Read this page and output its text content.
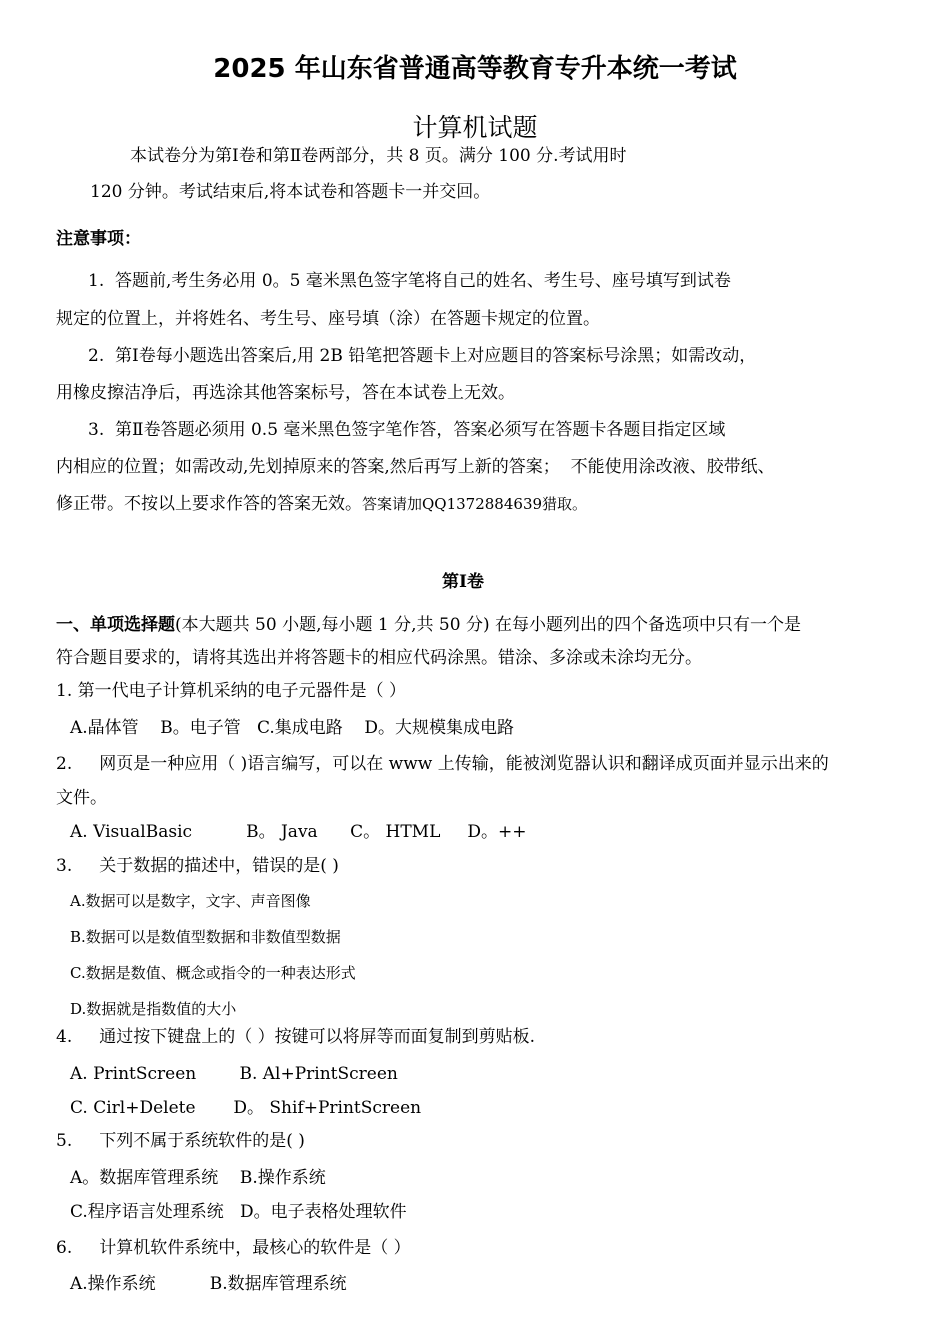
2025 年山东省普通高等教育专升本统一考试
计算机试题
本试卷分为第Ⅰ卷和第Ⅱ卷两部分，共 8 页。满分 100 分.考试用时
120 分钟。考试结束后,将本试卷和答题卡一并交回。
注意事项：
1.  答题前,考生务必用 0。5 毫米黑色签字笔将自己的姓名、考生号、座号填写到试卷
规定的位置上，并将姓名、考生号、座号填（涂）在答题卡规定的位置。
2.  第Ⅰ卷每小题选出答案后,用 2B 铅笔把答题卡上对应题目的答案标号涂黑；如需改动，
用橡皮擦洁净后，再选涂其他答案标号，答在本试卷上无效。
3.  第Ⅱ卷答题必须用 0.5 毫米黑色签字笔作答，答案必须写在答题卡各题目指定区域
内相应的位置；如需改动,先划掉原来的答案,然后再写上新的答案；  不能使用涂改液、胶带纸、
修正带。不按以上要求作答的答案无效。答案请加QQ1372884639猎取。
第Ⅰ卷
一、单项选择题(本大题共 50 小题,每小题 1 分,共 50 分) 在每小题列出的四个备选项中只有一个是
符合题目要求的，请将其选出并将答题卡的相应代码涂黑。错涂、多涂或未涂均无分。
1. 第一代电子计算机采纳的电子元器件是（ ）
A.晶体管    B。电子管   C.集成电路    D。大规模集成电路
2.     网页是一种应用（ )语言编写，可以在 www 上传输，能被浏览器认识和翻译成页面并显示出来的
文件。
A. VisualBasic          B。 Java      C。 HTML     D。++
3.     关于数据的描述中，错误的是( )
A.数据可以是数字，文字、声音图像
B.数据可以是数值型数据和非数值型数据
C.数据是数值、概念或指令的一种表达形式
D.数据就是指数值的大小
4.     通过按下键盘上的（ ）按键可以将屏等而面复制到剪贴板.
A. PrintScreen        B. Al+PrintScreen
C. Cirl+Delete       D。 Shif+PrintScreen
5.     下列不属于系统软件的是( )
A。数据库管理系统    B.操作系统
C.程序语言处理系统   D。电子表格处理软件
6.     计算机软件系统中，最核心的软件是（ ）
A.操作系统          B.数据库管理系统
